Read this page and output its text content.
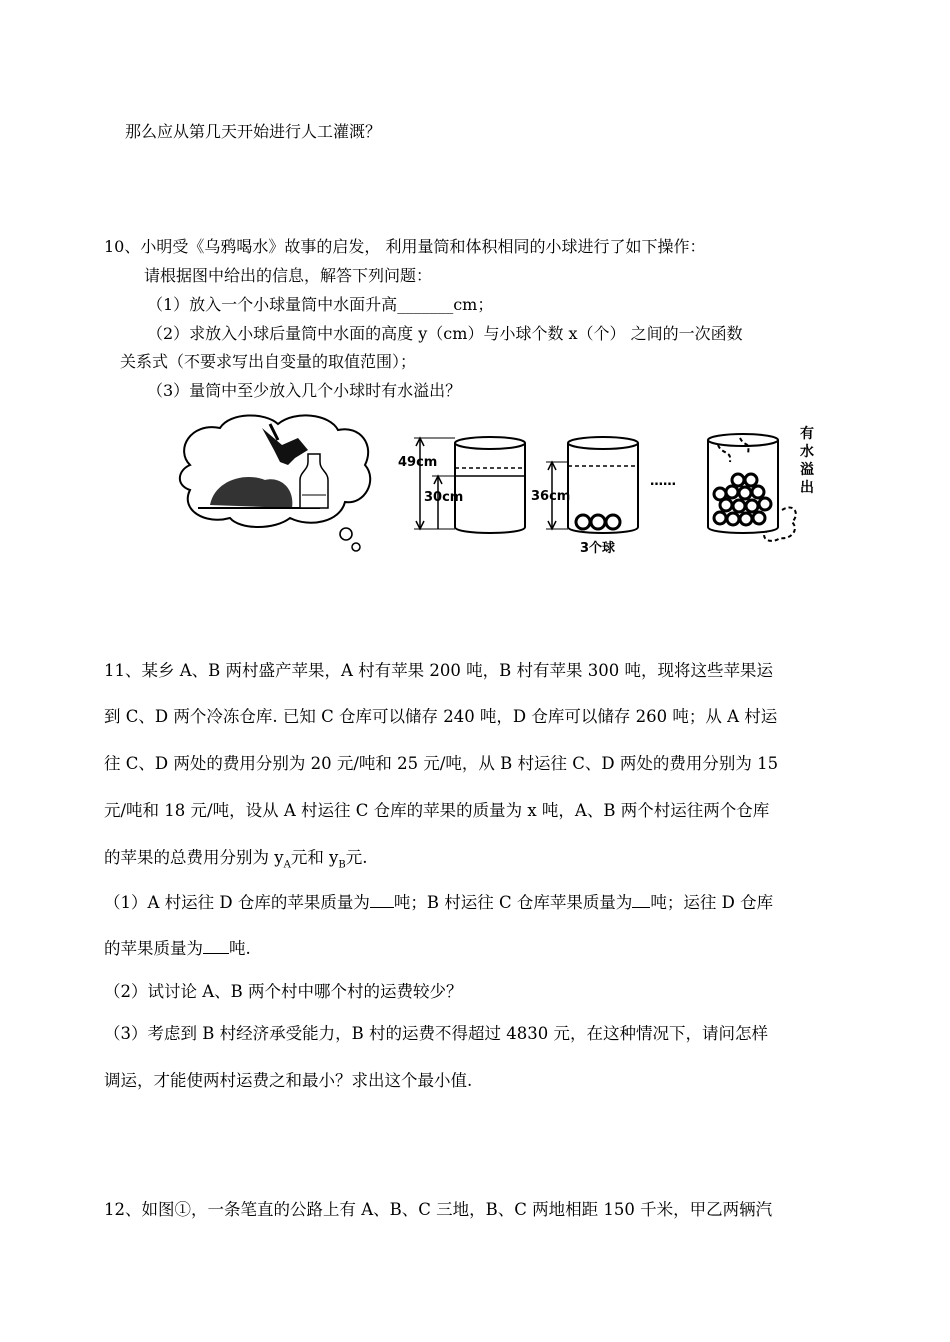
那么应从第几天开始进行人工灌溉？
10、小明受《乌鸦喝水》故事的启发， 利用量筒和体积相同的小球进行了如下操作：
请根据图中给出的信息，解答下列问题：
（1）放入一个小球量筒中水面升高_______cm；
（2）求放入小球后量筒中水面的高度 y（cm）与小球个数 x（个） 之间的一次函数
关系式（不要求写出自变量的取值范围）；
（3）量筒中至少放入几个小球时有水溢出？
49cm
30cm	36cm
3个球
……
有
水
溢
出
11、某乡 A、B 两村盛产苹果，A 村有苹果 200 吨，B 村有苹果 300 吨，现将这些苹果运
到 C、D 两个冷冻仓库. 已知 C 仓库可以储存 240 吨，D 仓库可以储存 260 吨；从 A 村运
往 C、D 两处的费用分别为 20 元/吨和 25 元/吨，从 B 村运往 C、D 两处的费用分别为 15
元/吨和 18 元/吨，设从 A 村运往 C 仓库的苹果的质量为 x 吨，A、B 两个村运往两个仓库
的苹果的总费用分别为 $y_A$元和 $y_B$元.
（1）A 村运往 D 仓库的苹果质量为 吨；B 村运往 C 仓库苹果质量为 吨；运往 D 仓库
的苹果质量为 吨.
（2）试讨论 A、B 两个村中哪个村的运费较少？
（3）考虑到 B 村经济承受能力，B 村的运费不得超过 4830 元，在这种情况下，请问怎样
调运，才能使两村运费之和最小？求出这个最小值.
12、如图①，一条笔直的公路上有 A、B、C 三地，B、C 两地相距 150 千米，甲乙两辆汽
